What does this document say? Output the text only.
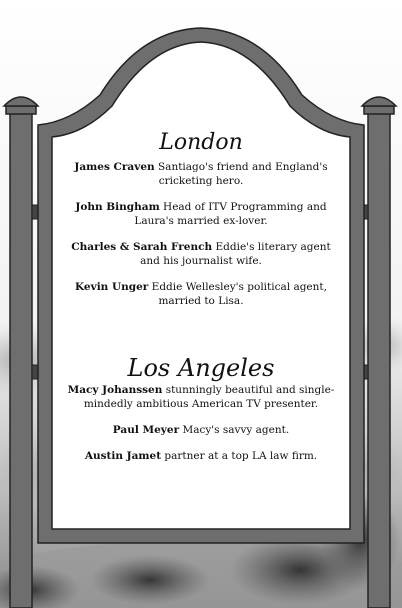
London

James Craven Santiago's friend and England's cricketing hero.

John Bingham Head of ITV Programming and Laura's married ex-lover.

Charles & Sarah French Eddie's literary agent and his journalist wife.

Kevin Unger Eddie Wellesley's political agent, married to Lisa.

Los Angeles

Macy Johanssen stunningly beautiful and single-mindedly ambitious American TV presenter.

Paul Meyer Macy's savvy agent.

Austin Jamet partner at a top LA law firm.
